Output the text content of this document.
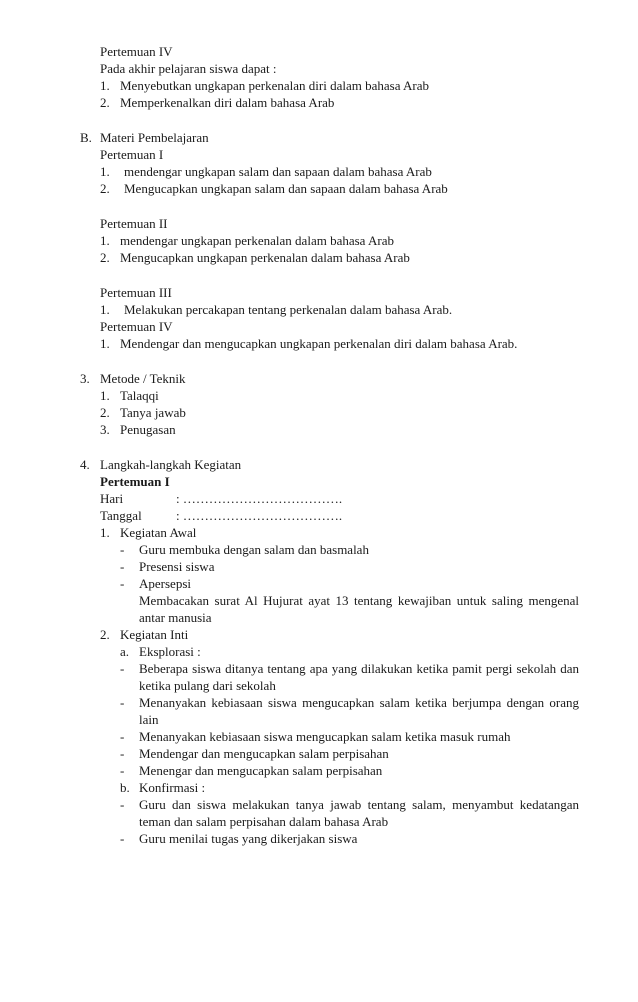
Pertemuan IV
Pada akhir pelajaran siswa dapat :
1. Menyebutkan ungkapan perkenalan diri dalam bahasa Arab
2. Memperkenalkan diri dalam bahasa Arab
B. Materi Pembelajaran
Pertemuan I
1. mendengar ungkapan salam dan sapaan dalam bahasa Arab
2. Mengucapkan ungkapan salam dan sapaan dalam bahasa Arab
Pertemuan II
1. mendengar ungkapan perkenalan dalam bahasa Arab
2. Mengucapkan ungkapan perkenalan dalam bahasa Arab
Pertemuan III
1. Melakukan percakapan tentang perkenalan dalam bahasa Arab.
Pertemuan IV
1. Mendengar dan mengucapkan ungkapan perkenalan diri dalam bahasa Arab.
3. Metode / Teknik
1. Talaqqi
2. Tanya jawab
3. Penugasan
4. Langkah-langkah Kegiatan
Pertemuan I
Hari	: ……………………………….
Tanggal	: ……………………………….
1. Kegiatan Awal
- Guru membuka dengan salam dan basmalah
- Presensi siswa
- Apersepsi
Membacakan surat Al Hujurat ayat 13 tentang kewajiban untuk saling mengenal
antar manusia
2. Kegiatan Inti
a. Eksplorasi :
- Beberapa siswa ditanya tentang apa yang dilakukan ketika pamit pergi sekolah dan
ketika pulang dari sekolah
- Menanyakan kebiasaan siswa mengucapkan salam ketika berjumpa dengan orang
lain
- Menanyakan kebiasaan siswa mengucapkan salam ketika masuk rumah
- Mendengar dan mengucapkan salam perpisahan
- Menengar dan mengucapkan salam perpisahan
b. Konfirmasi :
- Guru dan siswa melakukan tanya jawab tentang salam, menyambut kedatangan
teman dan salam perpisahan dalam bahasa Arab
- Guru menilai tugas yang dikerjakan siswa
